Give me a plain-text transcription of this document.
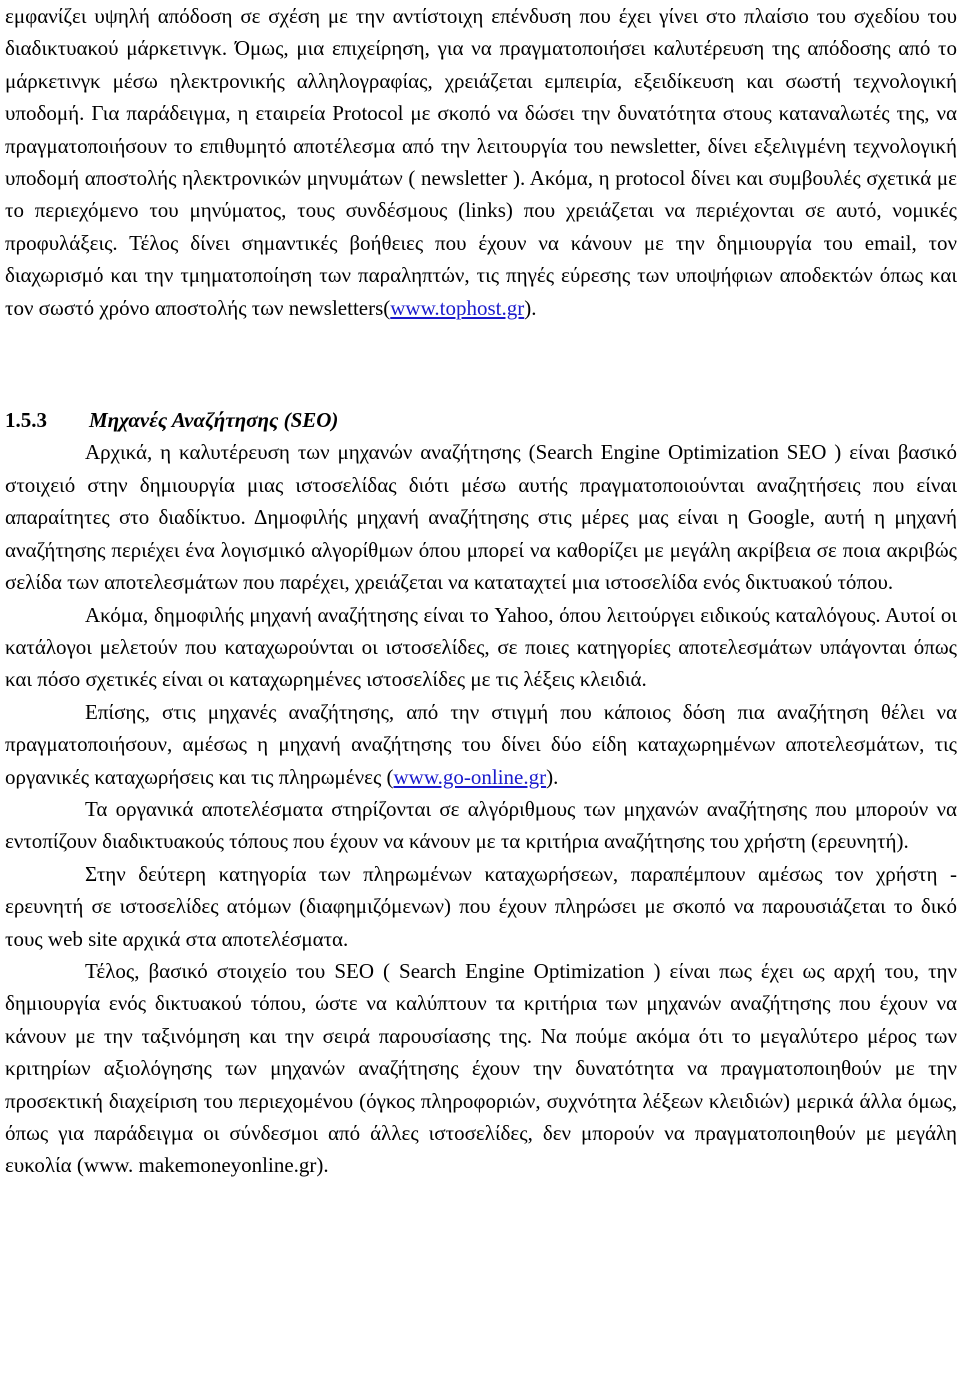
εμφανίζει υψηλή απόδοση σε σχέση με την αντίστοιχη επένδυση που έχει γίνει στο πλαίσιο του σχεδίου του διαδικτυακού μάρκετινγκ. Όμως, μια επιχείρηση, για να πραγματοποιήσει καλυτέρευση της απόδοσης από το μάρκετινγκ μέσω ηλεκτρονικής αλληλογραφίας, χρειάζεται εμπειρία, εξειδίκευση και σωστή τεχνολογική υποδομή. Για παράδειγμα, η εταιρεία Protocol με σκοπό να δώσει την δυνατότητα στους καταναλωτές της, να πραγματοποιήσουν το επιθυμητό αποτέλεσμα από την λειτουργία του newsletter, δίνει εξελιγμένη τεχνολογική υποδομή αποστολής ηλεκτρονικών μηνυμάτων ( newsletter ). Ακόμα, η protocol δίνει και συμβουλές σχετικά με το περιεχόμενο του μηνύματος, τους συνδέσμους (links) που χρειάζεται να περιέχονται σε αυτό, νομικές προφυλάξεις. Τέλος δίνει σημαντικές βοήθειες που έχουν να κάνουν με την δημιουργία του email, τον διαχωρισμό και την τμηματοποίηση των παραληπτών, τις πηγές εύρεσης των υποψήφιων αποδεκτών όπως και τον σωστό χρόνο αποστολής των newsletters(www.tophost.gr).

1.5.3 Μηχανές Αναζήτησης (SEO)

Αρχικά, η καλυτέρευση των μηχανών αναζήτησης (Search Engine Optimization SEO ) είναι βασικό στοιχειό στην δημιουργία μιας ιστοσελίδας διότι μέσω αυτής πραγματοποιούνται αναζητήσεις που είναι απαραίτητες στο διαδίκτυο. Δημοφιλής μηχανή αναζήτησης στις μέρες μας είναι η Google, αυτή η μηχανή αναζήτησης περιέχει ένα λογισμικό αλγορίθμων όπου μπορεί να καθορίζει με μεγάλη ακρίβεια σε ποια ακριβώς σελίδα των αποτελεσμάτων που παρέχει, χρειάζεται να καταταχτεί μια ιστοσελίδα ενός δικτυακού τόπου.

Ακόμα, δημοφιλής μηχανή αναζήτησης είναι το Yahoo, όπου λειτούργει ειδικούς καταλόγους. Αυτοί οι κατάλογοι μελετούν που καταχωρούνται οι ιστοσελίδες, σε ποιες κατηγορίες αποτελεσμάτων υπάγονται όπως και πόσο σχετικές είναι οι καταχωρημένες ιστοσελίδες με τις λέξεις κλειδιά.

Επίσης, στις μηχανές αναζήτησης, από την στιγμή που κάποιος δόση πια αναζήτηση θέλει να πραγματοποιήσουν, αμέσως η μηχανή αναζήτησης του δίνει δύο είδη καταχωρημένων αποτελεσμάτων, τις οργανικές καταχωρήσεις και τις πληρωμένες (www.go-online.gr).

Τα οργανικά αποτελέσματα στηρίζονται σε αλγόριθμους των μηχανών αναζήτησης που μπορούν να εντοπίζουν διαδικτυακούς τόπους που έχουν να κάνουν με τα κριτήρια αναζήτησης του χρήστη (ερευνητή).

Στην δεύτερη κατηγορία των πληρωμένων καταχωρήσεων, παραπέμπουν αμέσως τον χρήστη - ερευνητή σε ιστοσελίδες ατόμων (διαφημιζόμενων) που έχουν πληρώσει με σκοπό να παρουσιάζεται το δικό τους web site αρχικά στα αποτελέσματα.

Τέλος, βασικό στοιχείο του SEO ( Search Engine Optimization ) είναι πως έχει ως αρχή του, την δημιουργία ενός δικτυακού τόπου, ώστε να καλύπτουν τα κριτήρια των μηχανών αναζήτησης που έχουν να κάνουν με την ταξινόμηση και την σειρά παρουσίασης της. Να πούμε ακόμα ότι το μεγαλύτερο μέρος των κριτηρίων αξιολόγησης των μηχανών αναζήτησης έχουν την δυνατότητα να πραγματοποιηθούν με την προσεκτική διαχείριση του περιεχομένου (όγκος πληροφοριών, συχνότητα λέξεων κλειδιών) μερικά άλλα όμως, όπως για παράδειγμα οι σύνδεσμοι από άλλες ιστοσελίδες, δεν μπορούν να πραγματοποιηθούν με μεγάλη ευκολία (www. makemoneyonline.gr).
